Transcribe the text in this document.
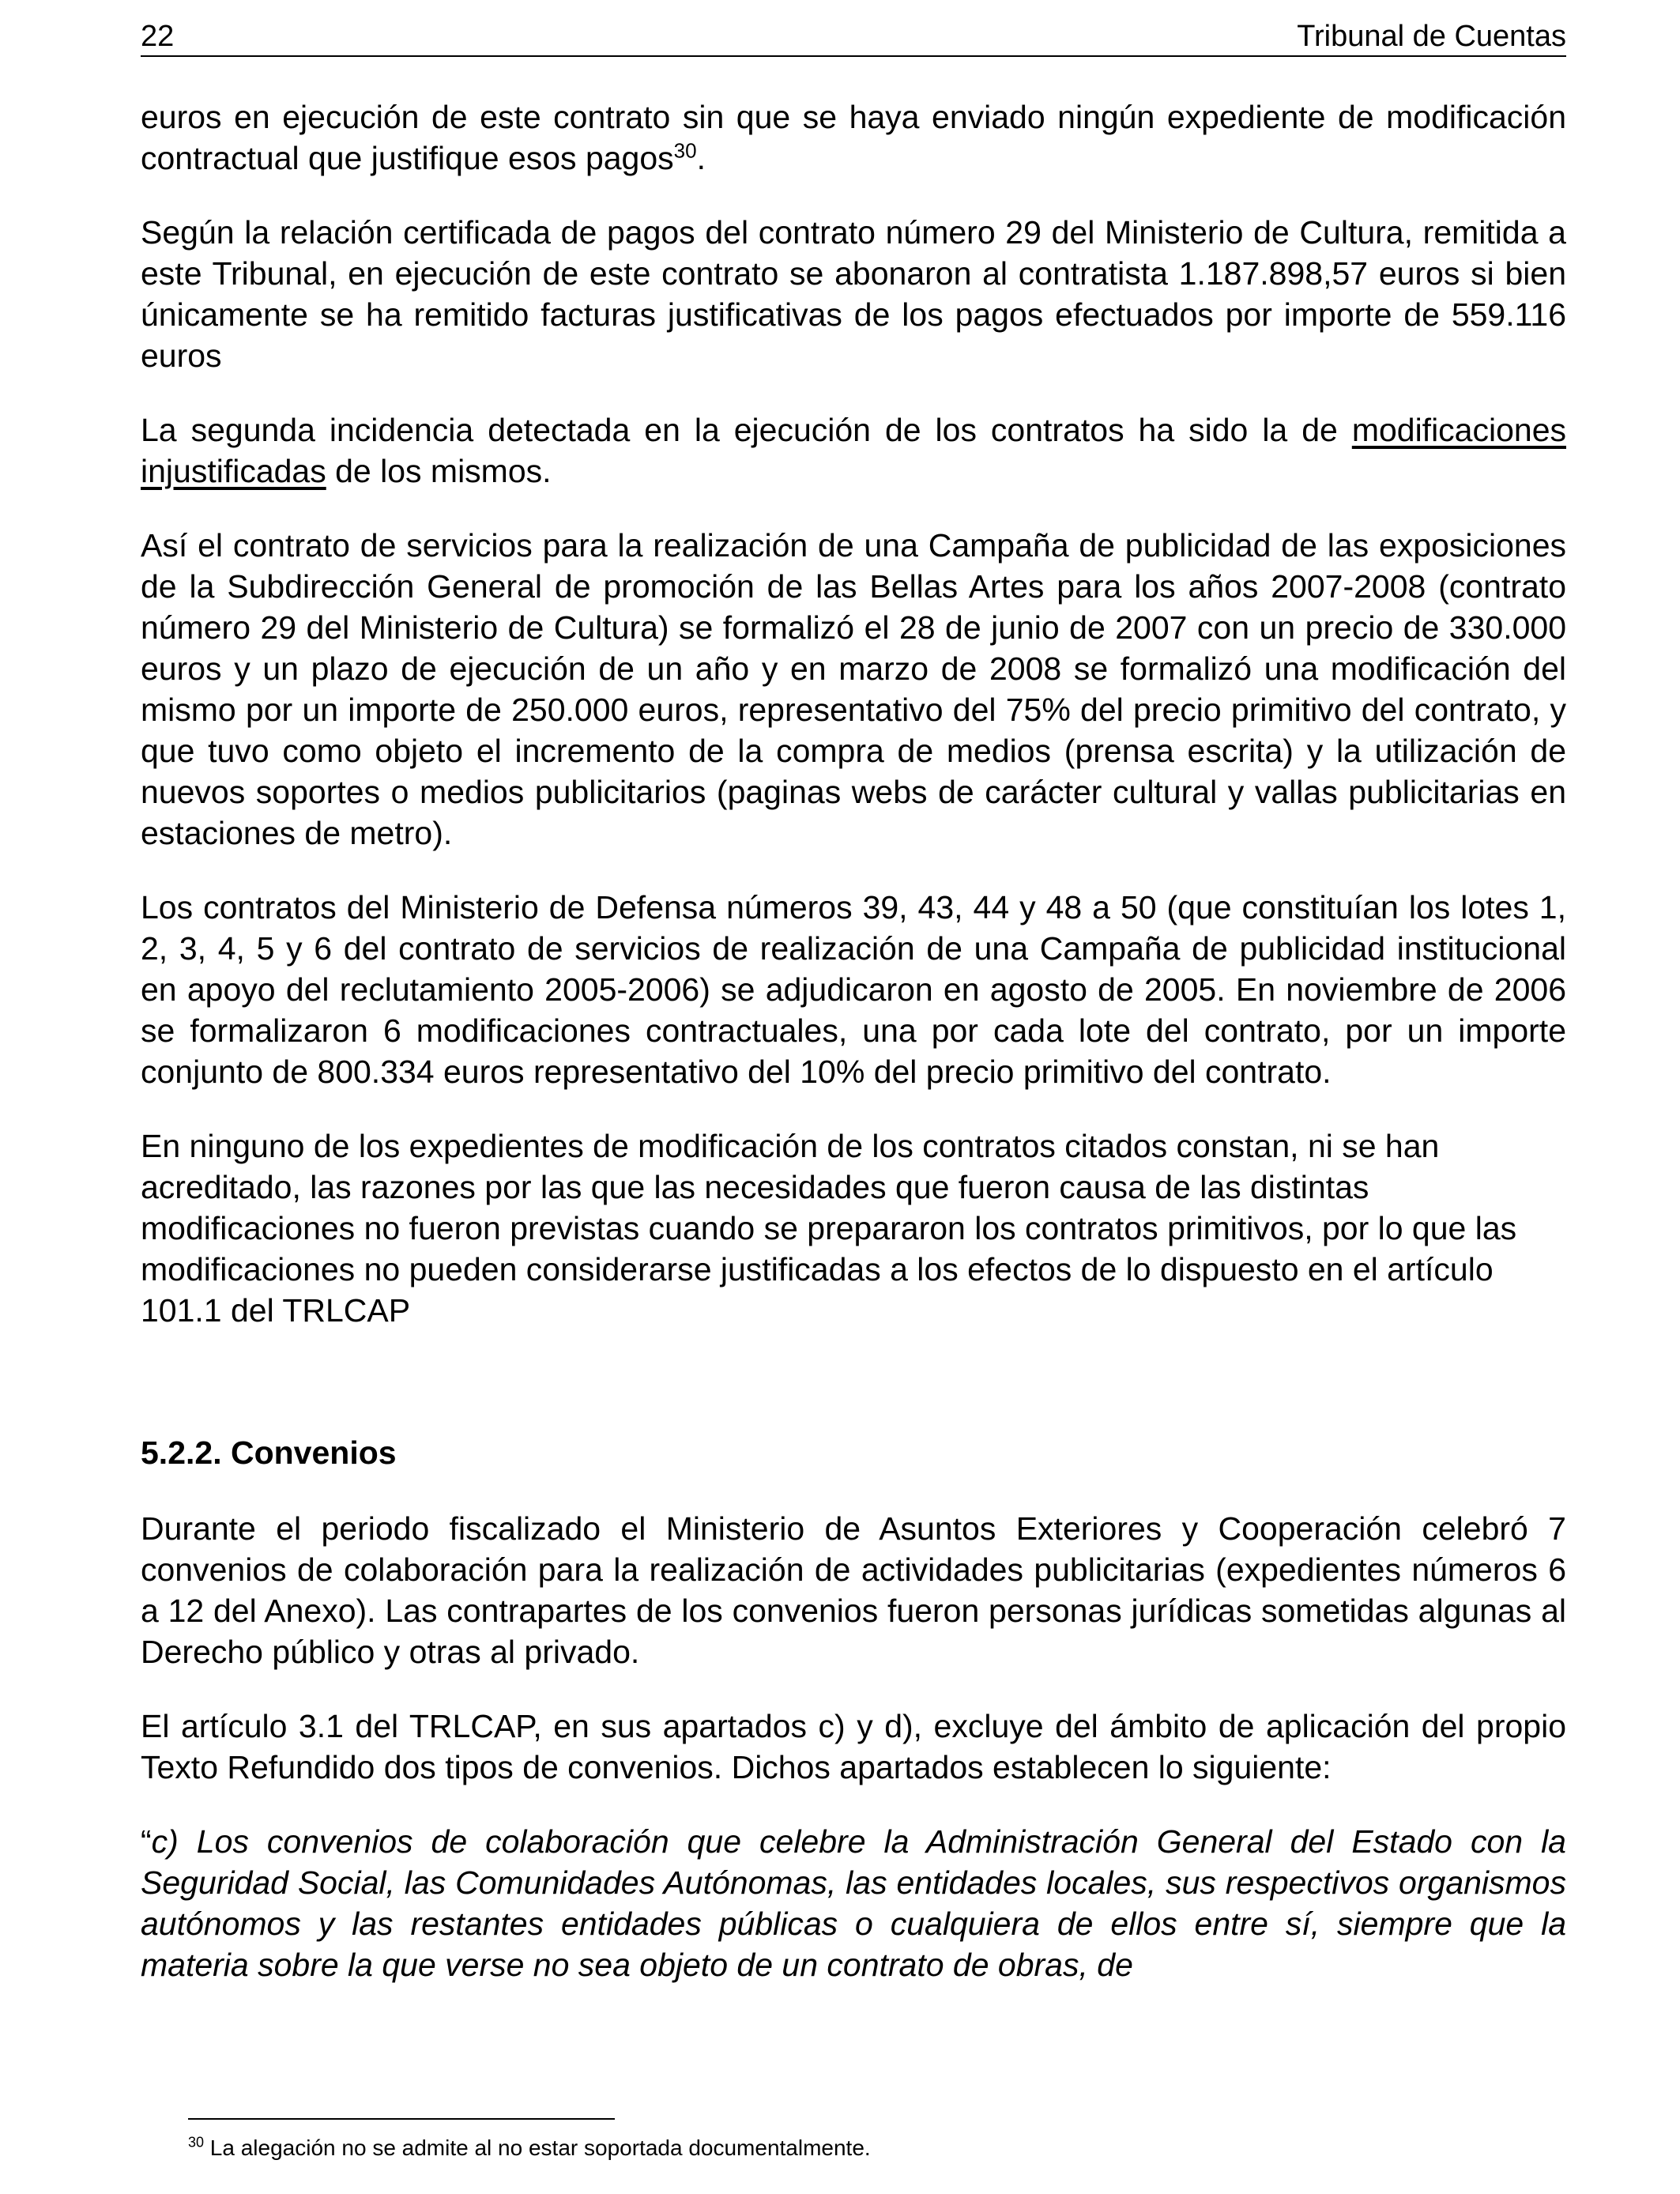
22	Tribunal de Cuentas

euros en ejecución de este contrato sin que se haya enviado ningún expediente de modificación contractual que justifique esos pagos$^{30}$.

Según la relación certificada de pagos del contrato número 29 del Ministerio de Cultura, remitida a este Tribunal, en ejecución de este contrato se abonaron al contratista 1.187.898,57 euros si bien únicamente se ha remitido facturas justificativas de los pagos efectuados por importe de 559.116 euros

La segunda incidencia detectada en la ejecución de los contratos ha sido la de modificaciones injustificadas de los mismos.

Así el contrato de servicios para la realización de una Campaña de publicidad de las exposiciones de la Subdirección General de promoción de las Bellas Artes para los años 2007-2008 (contrato número 29 del Ministerio de Cultura) se formalizó el 28 de junio de 2007 con un precio de 330.000 euros y un plazo de ejecución de un año y en marzo de 2008 se formalizó una modificación del mismo por un importe de 250.000 euros, representativo del 75% del precio primitivo del contrato, y que tuvo como objeto el incremento de la compra de medios (prensa escrita) y la utilización de nuevos soportes o medios publicitarios (paginas webs de carácter cultural y vallas publicitarias en estaciones de metro).

Los contratos del Ministerio de Defensa números 39, 43, 44 y 48 a 50 (que constituían los lotes 1, 2, 3, 4, 5 y 6 del contrato de servicios de realización de una Campaña de publicidad institucional en apoyo del reclutamiento 2005-2006) se adjudicaron en agosto de 2005. En noviembre de 2006 se formalizaron 6 modificaciones contractuales, una por cada lote del contrato, por un importe conjunto de 800.334 euros representativo del 10% del precio primitivo del contrato.

En ninguno de los expedientes de modificación de los contratos citados constan, ni se han acreditado, las razones por las que las necesidades que fueron causa de las distintas modificaciones no fueron previstas cuando se prepararon los contratos primitivos, por lo que las modificaciones no pueden considerarse justificadas a los efectos de lo dispuesto en el artículo 101.1 del TRLCAP

5.2.2. Convenios

Durante el periodo fiscalizado el Ministerio de Asuntos Exteriores y Cooperación celebró 7 convenios de colaboración para la realización de actividades publicitarias (expedientes números 6 a 12 del Anexo). Las contrapartes de los convenios fueron personas jurídicas sometidas algunas al Derecho público y otras al privado.

El artículo 3.1 del TRLCAP, en sus apartados c) y d), excluye del ámbito de aplicación del propio Texto Refundido dos tipos de convenios. Dichos apartados establecen lo siguiente:

“c) Los convenios de colaboración que celebre la Administración General del Estado con la Seguridad Social, las Comunidades Autónomas, las entidades locales, sus respectivos organismos autónomos y las restantes entidades públicas o cualquiera de ellos entre sí, siempre que la materia sobre la que verse no sea objeto de un contrato de obras, de

$^{30}$ La alegación no se admite al no estar soportada documentalmente.
